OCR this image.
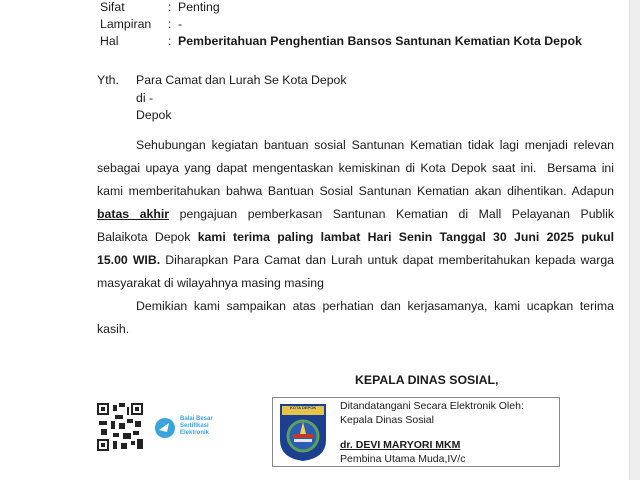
Sifat	: Penting
Lampiran : -
Hal	: Pemberitahuan Penghentian Bansos Santunan Kematian Kota Depok
Yth. Para Camat dan Lurah Se Kota Depok
di -
Depok
Sehubungan kegiatan bantuan sosial Santunan Kematian tidak lagi menjadi relevan
sebagai upaya yang dapat mengentaskan kemiskinan di Kota Depok saat ini.  Bersama ini
kami memberitahukan bahwa Bantuan Sosial Santunan Kematian akan dihentikan. Adapun
batas akhir pengajuan pemberkasan Santunan Kematian di Mall Pelayanan Publik
Balaikota Depok kami terima paling lambat Hari Senin Tanggal 30 Juni 2025 pukul
15.00 WIB. Diharapkan Para Camat dan Lurah untuk dapat memberitahukan kepada warga
masyarakat di wilayahnya masing masing
Demikian kami sampaikan atas perhatian dan kerjasamanya, kami ucapkan terima
kasih.
KEPALA DINAS SOSIAL,
Balai Besar
Sertifikasi
Elektronik
KOTA DEPOK Ditandatangani Secara Elektronik Oleh:
Kepala Dinas Sosial
dr. DEVI MARYORI MKM
Pembina Utama Muda,IV/c
